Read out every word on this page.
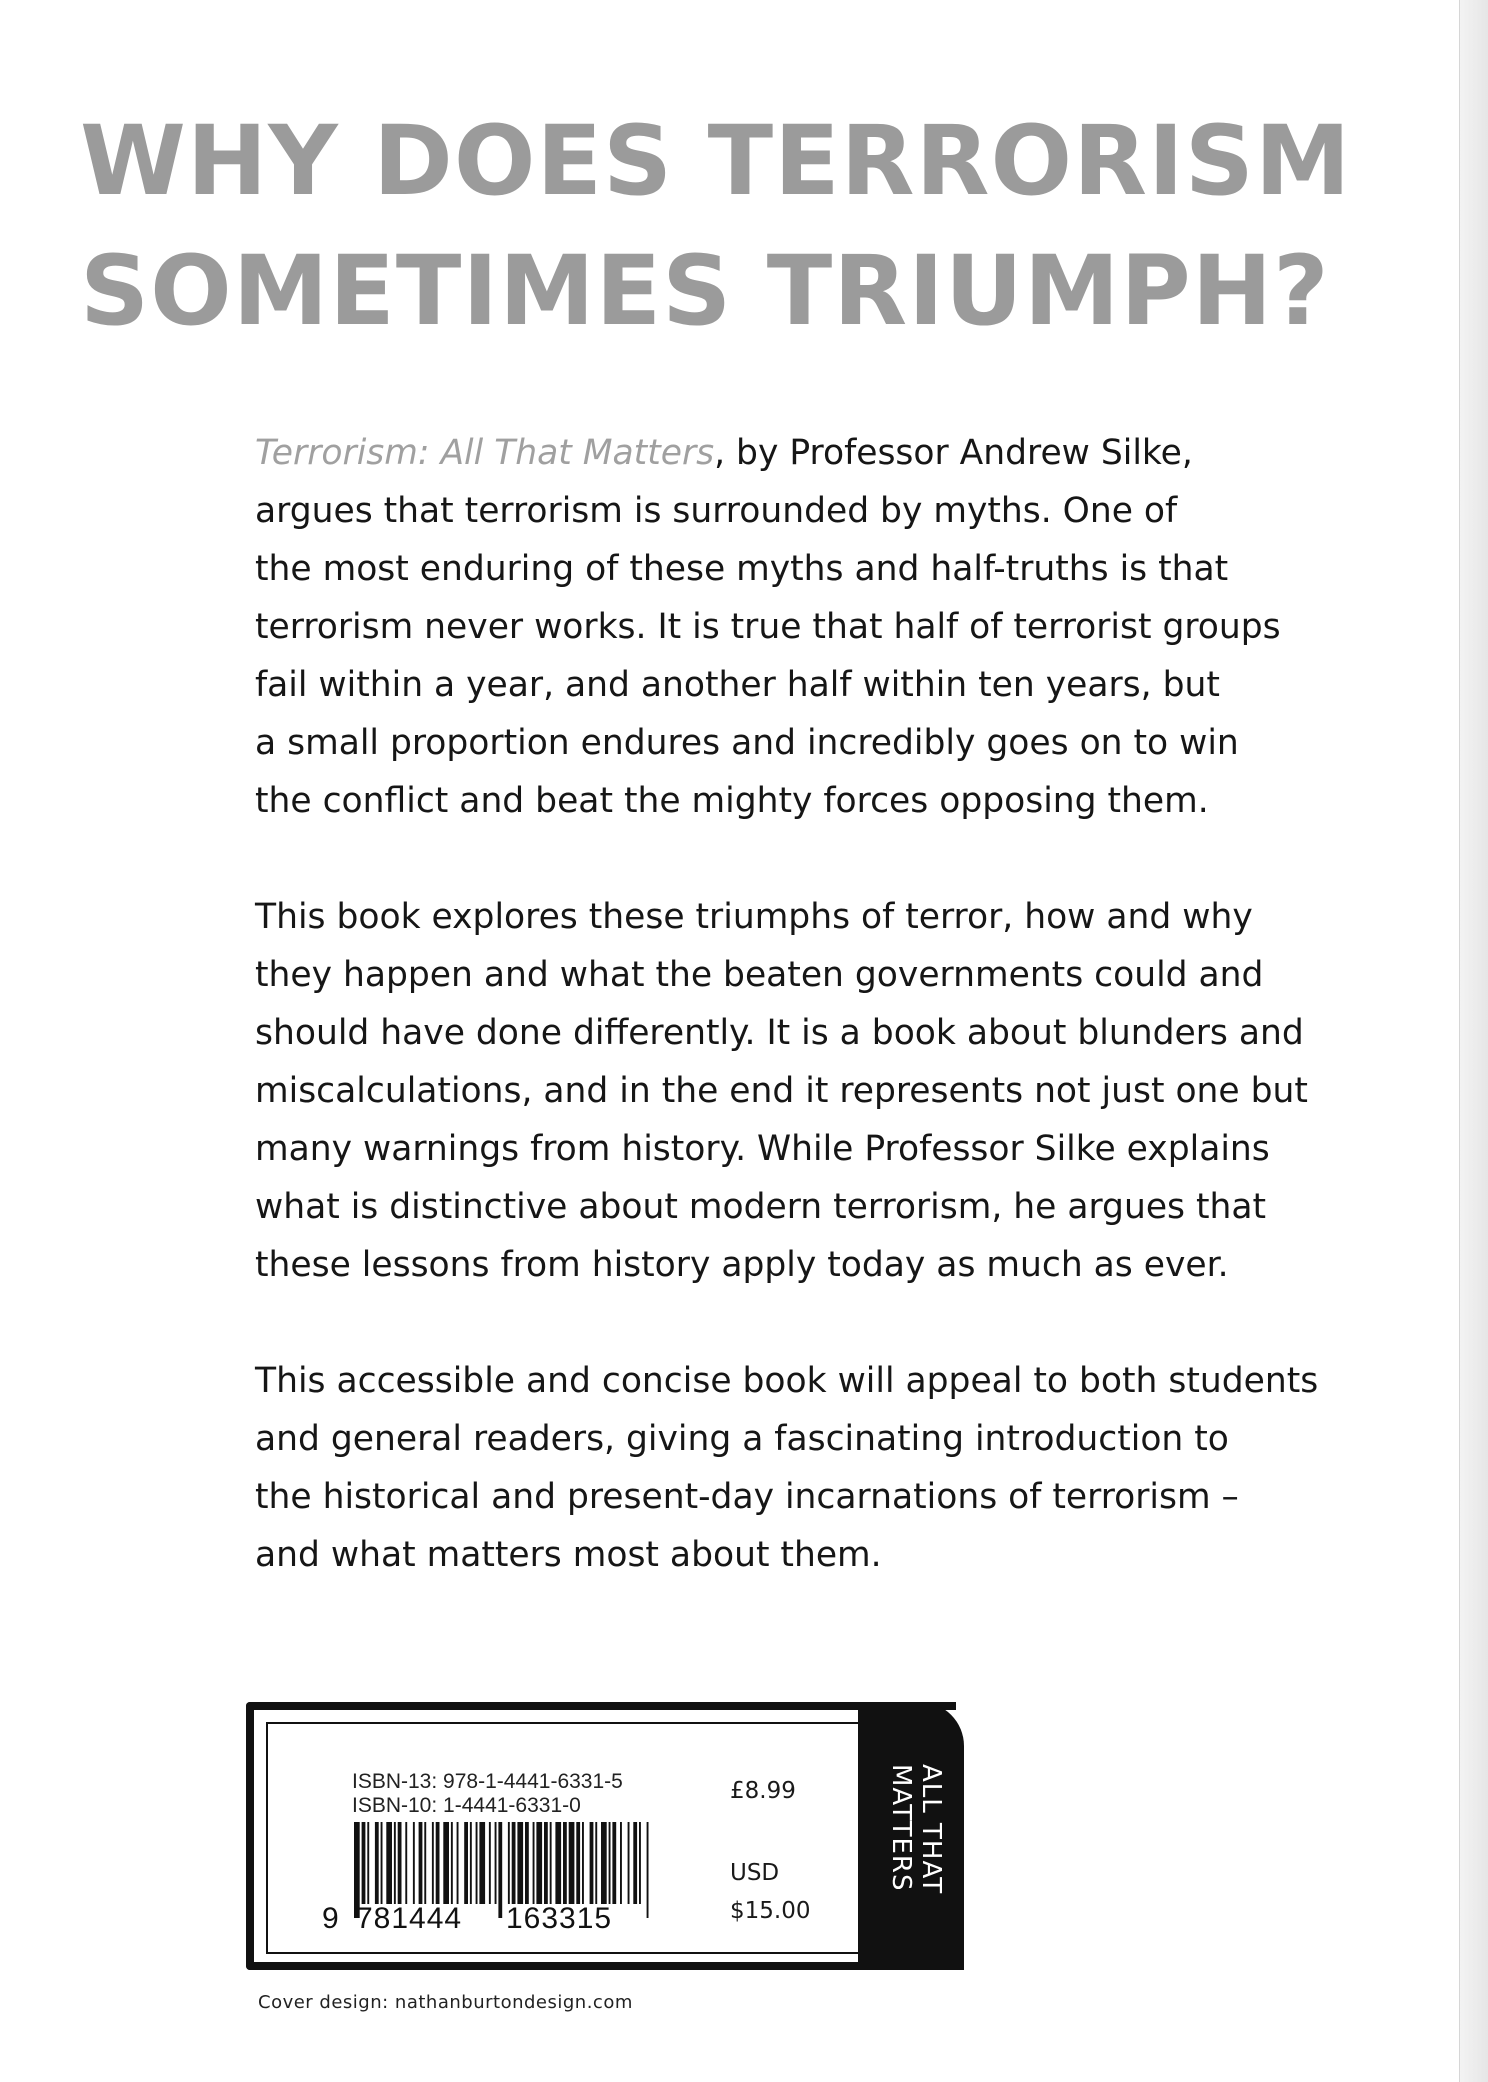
WHY DOES TERRORISM
SOMETIMES TRIUMPH?

Terrorism: All That Matters, by Professor Andrew Silke,
argues that terrorism is surrounded by myths. One of
the most enduring of these myths and half-truths is that
terrorism never works. It is true that half of terrorist groups
fail within a year, and another half within ten years, but
a small proportion endures and incredibly goes on to win
the conflict and beat the mighty forces opposing them.

This book explores these triumphs of terror, how and why
they happen and what the beaten governments could and
should have done differently. It is a book about blunders and
miscalculations, and in the end it represents not just one but
many warnings from history. While Professor Silke explains
what is distinctive about modern terrorism, he argues that
these lessons from history apply today as much as ever.

This accessible and concise book will appeal to both students
and general readers, giving a fascinating introduction to
the historical and present-day incarnations of terrorism –
and what matters most about them.

ISBN-13: 978-1-4441-6331-5
ISBN-10: 1-4441-6331-0
9 781444 163315
£8.99
USD
$15.00
ALL THAT
MATTERS
Cover design: nathanburtondesign.com
